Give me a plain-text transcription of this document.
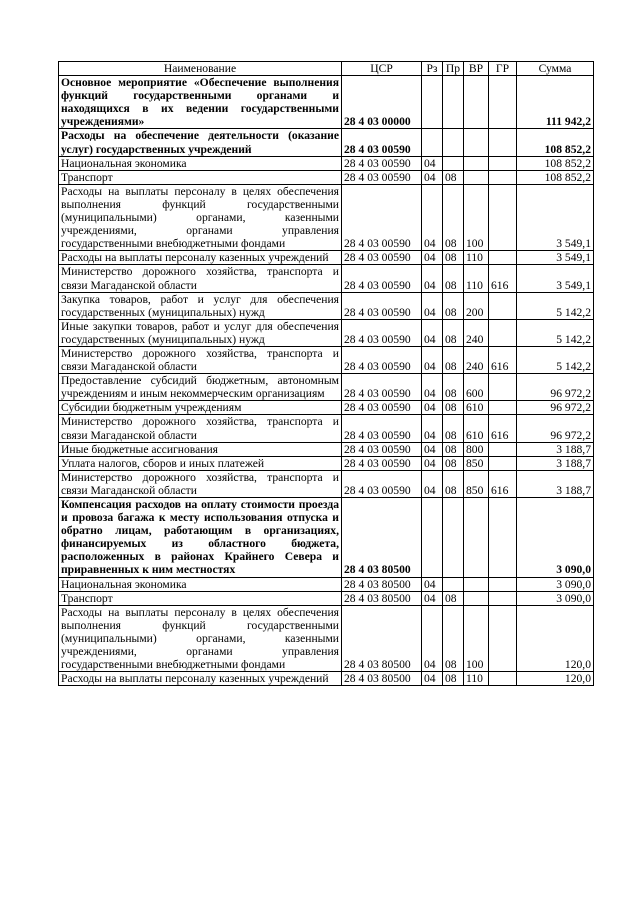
Наименование	ЦСР	Рз	Пр	ВР	ГР	Сумма
Основное мероприятие «Обеспечение выполнения функций государственными органами и находящихся в их ведении государственными учреждениями»	28 4 03 00000					111 942,2
Расходы на обеспечение деятельности (оказание услуг) государственных учреждений	28 4 03 00590					108 852,2
Национальная экономика	28 4 03 00590	04				108 852,2
Транспорт	28 4 03 00590	04	08			108 852,2
Расходы на выплаты персоналу в целях обеспечения выполнения функций государственными (муниципальными) органами, казенными учреждениями, органами управления государственными внебюджетными фондами	28 4 03 00590	04	08	100		3 549,1
Расходы на выплаты персоналу казенных учреждений	28 4 03 00590	04	08	110		3 549,1
Министерство дорожного хозяйства, транспорта и связи Магаданской области	28 4 03 00590	04	08	110	616	3 549,1
Закупка товаров, работ и услуг для обеспечения государственных (муниципальных) нужд	28 4 03 00590	04	08	200		5 142,2
Иные закупки товаров, работ и услуг для обеспечения государственных (муниципальных) нужд	28 4 03 00590	04	08	240		5 142,2
Министерство дорожного хозяйства, транспорта и связи Магаданской области	28 4 03 00590	04	08	240	616	5 142,2
Предоставление субсидий бюджетным, автономным учреждениям и иным некоммерческим организациям	28 4 03 00590	04	08	600		96 972,2
Субсидии бюджетным учреждениям	28 4 03 00590	04	08	610		96 972,2
Министерство дорожного хозяйства, транспорта и связи Магаданской области	28 4 03 00590	04	08	610	616	96 972,2
Иные бюджетные ассигнования	28 4 03 00590	04	08	800		3 188,7
Уплата налогов, сборов и иных платежей	28 4 03 00590	04	08	850		3 188,7
Министерство дорожного хозяйства, транспорта и связи Магаданской области	28 4 03 00590	04	08	850	616	3 188,7
Компенсация расходов на оплату стоимости проезда и провоза багажа к месту использования отпуска и обратно лицам, работающим в организациях, финансируемых из областного бюджета, расположенных в районах Крайнего Севера и приравненных к ним местностях	28 4 03 80500					3 090,0
Национальная экономика	28 4 03 80500	04				3 090,0
Транспорт	28 4 03 80500	04	08			3 090,0
Расходы на выплаты персоналу в целях обеспечения выполнения функций государственными (муниципальными) органами, казенными учреждениями, органами управления государственными внебюджетными фондами	28 4 03 80500	04	08	100		120,0
Расходы на выплаты персоналу казенных учреждений	28 4 03 80500	04	08	110		120,0
